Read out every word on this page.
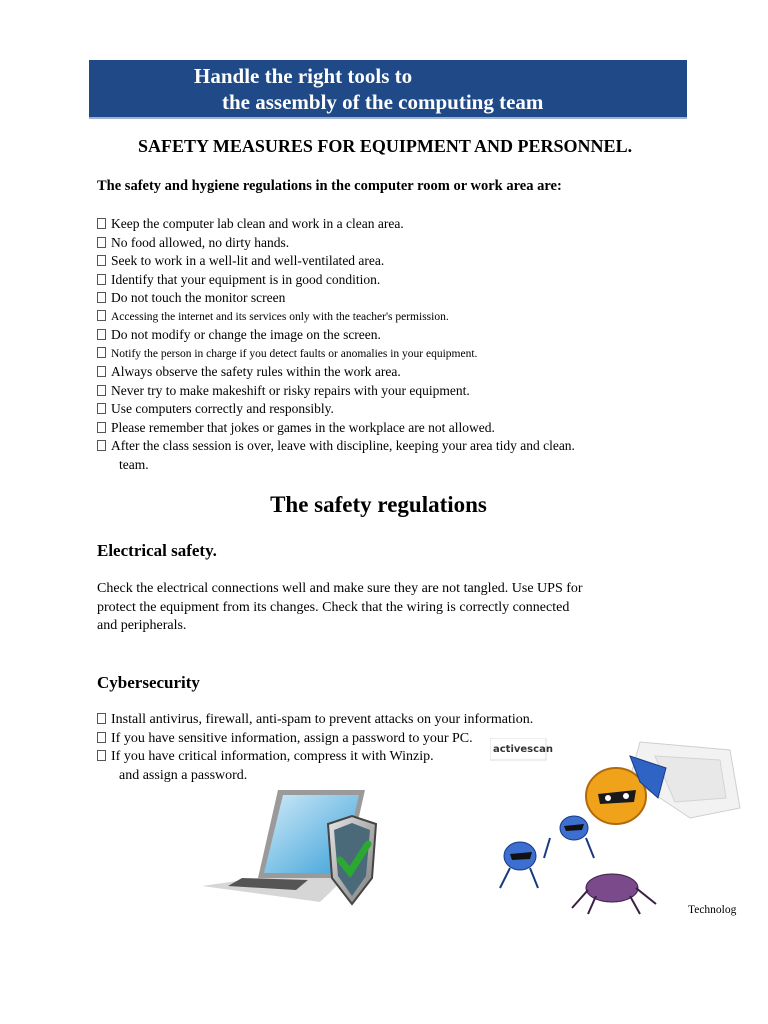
Handle the right tools to
the assembly of the computing team
SAFETY MEASURES FOR EQUIPMENT AND PERSONNEL.
The safety and hygiene regulations in the computer room or work area are:
Keep the computer lab clean and work in a clean area.
No food allowed, no dirty hands.
Seek to work in a well-lit and well-ventilated area.
Identify that your equipment is in good condition.
Do not touch the monitor screen
Accessing the internet and its services only with the teacher's permission.
Do not modify or change the image on the screen.
Notify the person in charge if you detect faults or anomalies in your equipment.
Always observe the safety rules within the work area.
Never try to make makeshift or risky repairs with your equipment.
Use computers correctly and responsibly.
Please remember that jokes or games in the workplace are not allowed.
After the class session is over, leave with discipline, keeping your area tidy and clean.
team.
The safety regulations
Electrical safety.
Check the electrical connections well and make sure they are not tangled. Use UPS for
protect the equipment from its changes. Check that the wiring is correctly connected
and peripherals.
Cybersecurity
Install antivirus, firewall, anti-spam to prevent attacks on your information.
If you have sensitive information, assign a password to your PC.
If you have critical information, compress it with Winzip.
and assign a password.
activescan
Technolog
